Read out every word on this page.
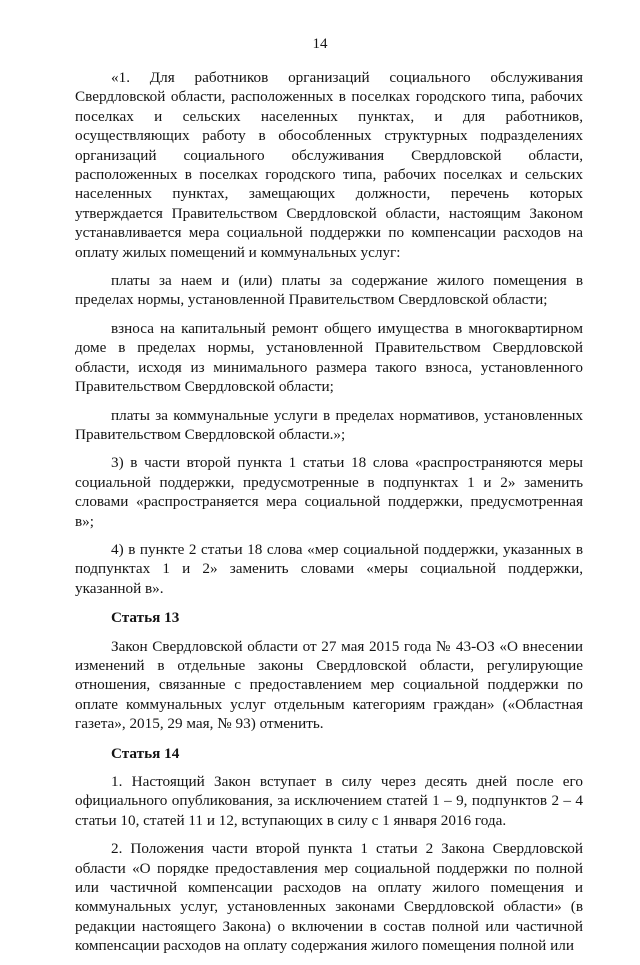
14

«1. Для работников организаций социального обслуживания Свердловской области, расположенных в поселках городского типа, рабочих поселках и сельских населенных пунктах, и для работников, осуществляющих работу в обособленных структурных подразделениях организаций социального обслуживания Свердловской области, расположенных в поселках городского типа, рабочих поселках и сельских населенных пунктах, замещающих должности, перечень которых утверждается Правительством Свердловской области, настоящим Законом устанавливается мера социальной поддержки по компенсации расходов на оплату жилых помещений и коммунальных услуг:

платы за наем и (или) платы за содержание жилого помещения в пределах нормы, установленной Правительством Свердловской области;

взноса на капитальный ремонт общего имущества в многоквартирном доме в пределах нормы, установленной Правительством Свердловской области, исходя из минимального размера такого взноса, установленного Правительством Свердловской области;

платы за коммунальные услуги в пределах нормативов, установленных Правительством Свердловской области.»;

3) в части второй пункта 1 статьи 18 слова «распространяются меры социальной поддержки, предусмотренные в подпунктах 1 и 2» заменить словами «распространяется мера социальной поддержки, предусмотренная в»;

4) в пункте 2 статьи 18 слова «мер социальной поддержки, указанных в подпунктах 1 и 2» заменить словами «меры социальной поддержки, указанной в».

Статья 13

Закон Свердловской области от 27 мая 2015 года № 43-ОЗ «О внесении изменений в отдельные законы Свердловской области, регулирующие отношения, связанные с предоставлением мер социальной поддержки по оплате коммунальных услуг отдельным категориям граждан» («Областная газета», 2015, 29 мая, № 93) отменить.

Статья 14

1. Настоящий Закон вступает в силу через десять дней после его официального опубликования, за исключением статей 1 – 9, подпунктов 2 – 4 статьи 10, статей 11 и 12, вступающих в силу с 1 января 2016 года.

2. Положения части второй пункта 1 статьи 2 Закона Свердловской области «О порядке предоставления мер социальной поддержки по полной или частичной компенсации расходов на оплату жилого помещения и коммунальных услуг, установленных законами Свердловской области» (в редакции настоящего Закона) о включении в состав полной или частичной компенсации расходов на оплату содержания жилого помещения полной или
